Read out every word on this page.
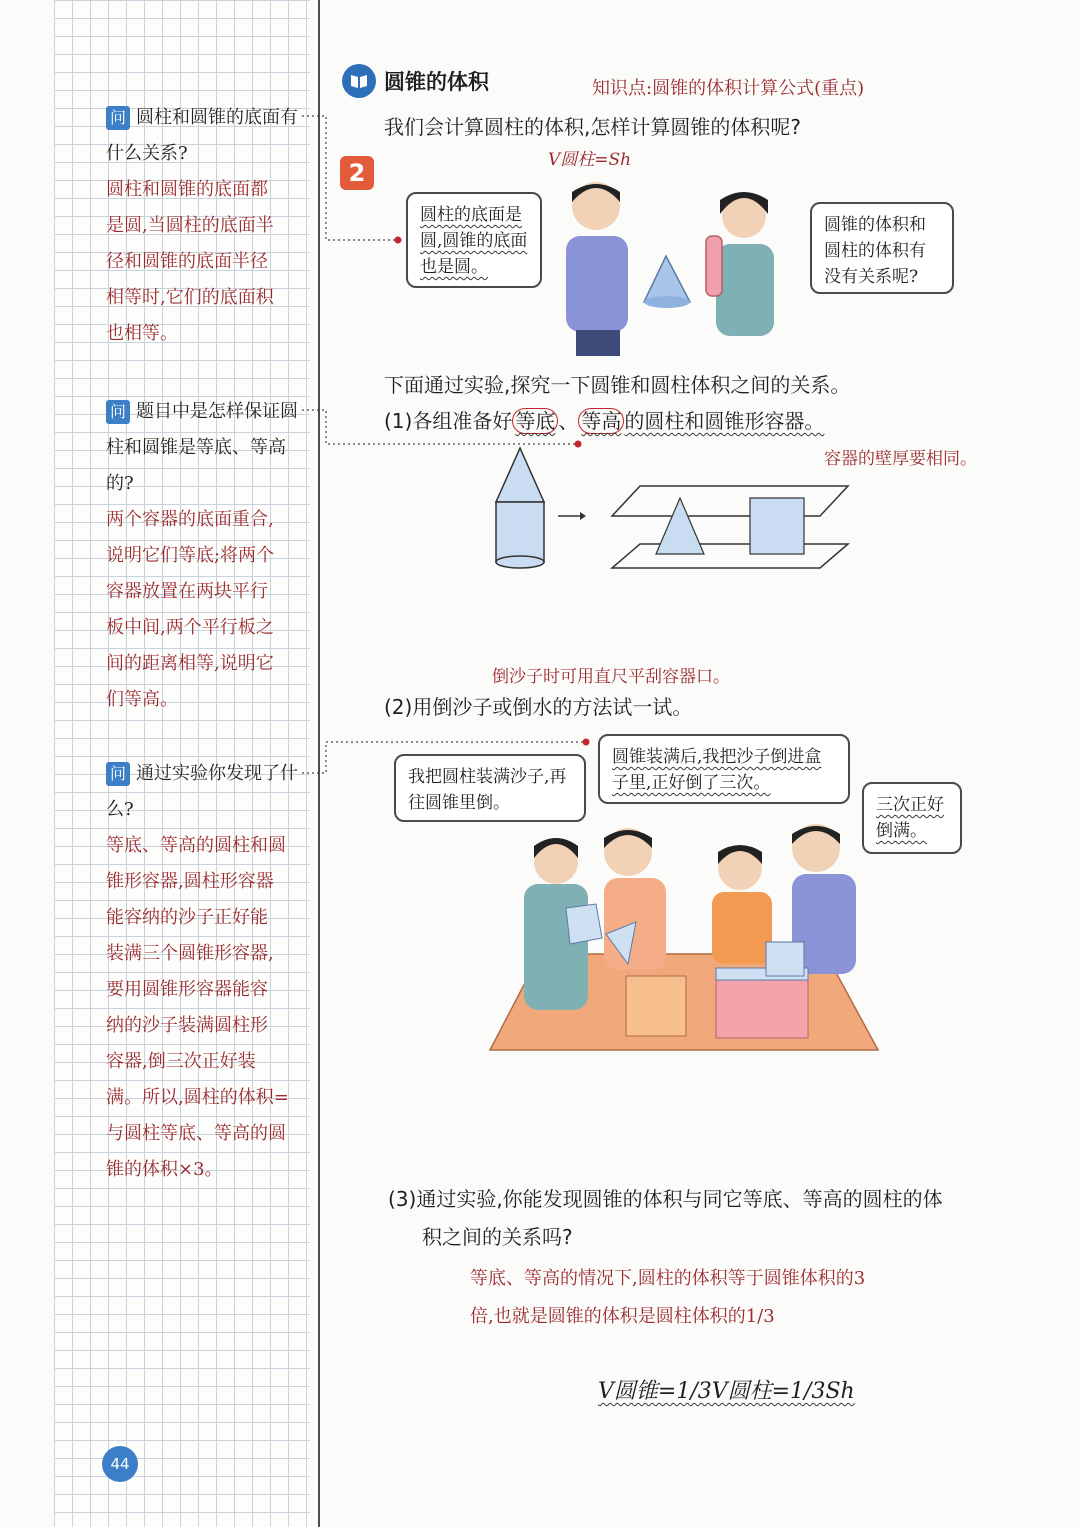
问 圆柱和圆锥的底面有什么关系?
圆柱和圆锥的底面都
是圆,当圆柱的底面半
径和圆锥的底面半径
相等时,它们的底面积
也相等。
问 题目中是怎样保证圆柱和圆锥是等底、等高的?
两个容器的底面重合,
说明它们等底;将两个
容器放置在两块平行
板中间,两个平行板之
间的距离相等,说明它
们等高。
问 通过实验你发现了什么?
等底、等高的圆柱和圆
锥形容器,圆柱形容器
能容纳的沙子正好能
装满三个圆锥形容器,
要用圆锥形容器能容
纳的沙子装满圆柱形
容器,倒三次正好装
满。所以,圆柱的体积=
与圆柱等底、等高的圆
锥的体积×3。
44
圆锥的体积	知识点:圆锥的体积计算公式(重点)
我们会计算圆柱的体积,怎样计算圆锥的体积呢?
V圆柱=Sh
2
圆柱的底面是圆,圆锥的底面也是圆。
圆锥的体积和圆柱的体积有没有关系呢?
下面通过实验,探究一下圆锥和圆柱体积之间的关系。
(1)各组准备好 等底 、 等高 的圆柱和圆锥形容器。
容器的壁厚要相同。
倒沙子时可用直尺平刮容器口。
(2)用倒沙子或倒水的方法试一试。
我把圆柱装满沙子,再往圆锥里倒。
圆锥装满后,我把沙子倒进盒子里,正好倒了三次。
三次正好倒满。
(3)通过实验,你能发现圆锥的体积与同它等底、等高的圆柱的体
积之间的关系吗?
等底、等高的情况下,圆柱的体积等于圆锥体积的3
倍,也就是圆锥的体积是圆柱体积的1/3
V圆锥=1/3V圆柱=1/3Sh
